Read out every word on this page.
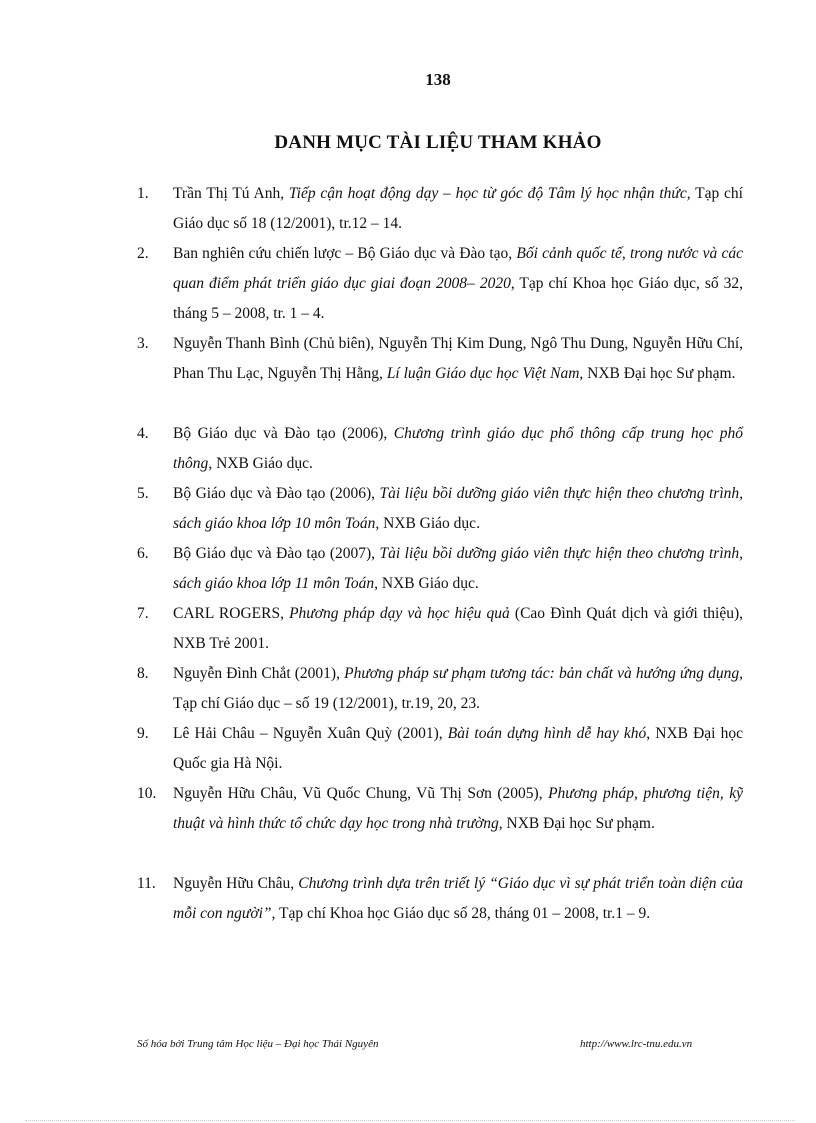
138
DANH MỤC TÀI LIỆU THAM KHẢO
1. Trần Thị Tú Anh, Tiếp cận hoạt động dạy – học từ góc độ Tâm lý học nhận thức, Tạp chí Giáo dục số 18 (12/2001), tr.12 – 14.
2. Ban nghiên cứu chiến lược – Bộ Giáo dục và Đào tạo, Bối cảnh quốc tế, trong nước và các quan điểm phát triển giáo dục giai đoạn 2008– 2020, Tạp chí Khoa học Giáo dục, số 32, tháng 5 – 2008, tr. 1 – 4.
3. Nguyễn Thanh Bình (Chủ biên), Nguyễn Thị Kim Dung, Ngô Thu Dung, Nguyễn Hữu Chí, Phan Thu Lạc, Nguyễn Thị Hằng, Lí luận Giáo dục học Việt Nam, NXB Đại học Sư phạm.
4. Bộ Giáo dục và Đào tạo (2006), Chương trình giáo dục phổ thông cấp trung học phổ thông, NXB Giáo dục.
5. Bộ Giáo dục và Đào tạo (2006), Tài liệu bồi dưỡng giáo viên thực hiện theo chương trình, sách giáo khoa lớp 10 môn Toán, NXB Giáo dục.
6. Bộ Giáo dục và Đào tạo (2007), Tài liệu bồi dưỡng giáo viên thực hiện theo chương trình, sách giáo khoa lớp 11 môn Toán, NXB Giáo dục.
7. CARL ROGERS, Phương pháp dạy và học hiệu quả (Cao Đình Quát dịch và giới thiệu), NXB Trẻ 2001.
8. Nguyễn Đình Chắt (2001), Phương pháp sư phạm tương tác: bản chất và hướng ứng dụng, Tạp chí Giáo dục – số 19 (12/2001), tr.19, 20, 23.
9. Lê Hải Châu – Nguyễn Xuân Quỳ (2001), Bài toán dựng hình dễ hay khó, NXB Đại học Quốc gia Hà Nội.
10. Nguyễn Hữu Châu, Vũ Quốc Chung, Vũ Thị Sơn (2005), Phương pháp, phương tiện, kỹ thuật và hình thức tổ chức dạy học trong nhà trường, NXB Đại học Sư phạm.
11. Nguyễn Hữu Châu, Chương trình dựa trên triết lý “Giáo dục vì sự phát triển toàn diện của mỗi con người”, Tạp chí Khoa học Giáo dục số 28, tháng 01 – 2008, tr.1 – 9.
Số hóa bởi Trung tâm Học liệu – Đại học Thái Nguyên	http://www.lrc-tnu.edu.vn
